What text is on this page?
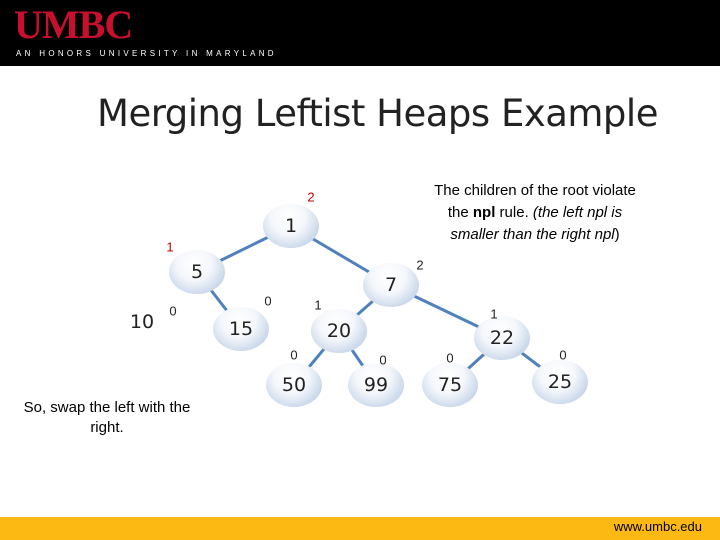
UMBC
AN HONORS UNIVERSITY IN MARYLAND
Merging Leftist Heaps Example
1
2
5
1
10	0
15
0
7
2
20
1
50
0
99
0
22
1
75
0
25
0
The children of the root violate the npl rule. (the left npl is smaller than the right npl)
So, swap the left with the right.
www.umbc.edu
